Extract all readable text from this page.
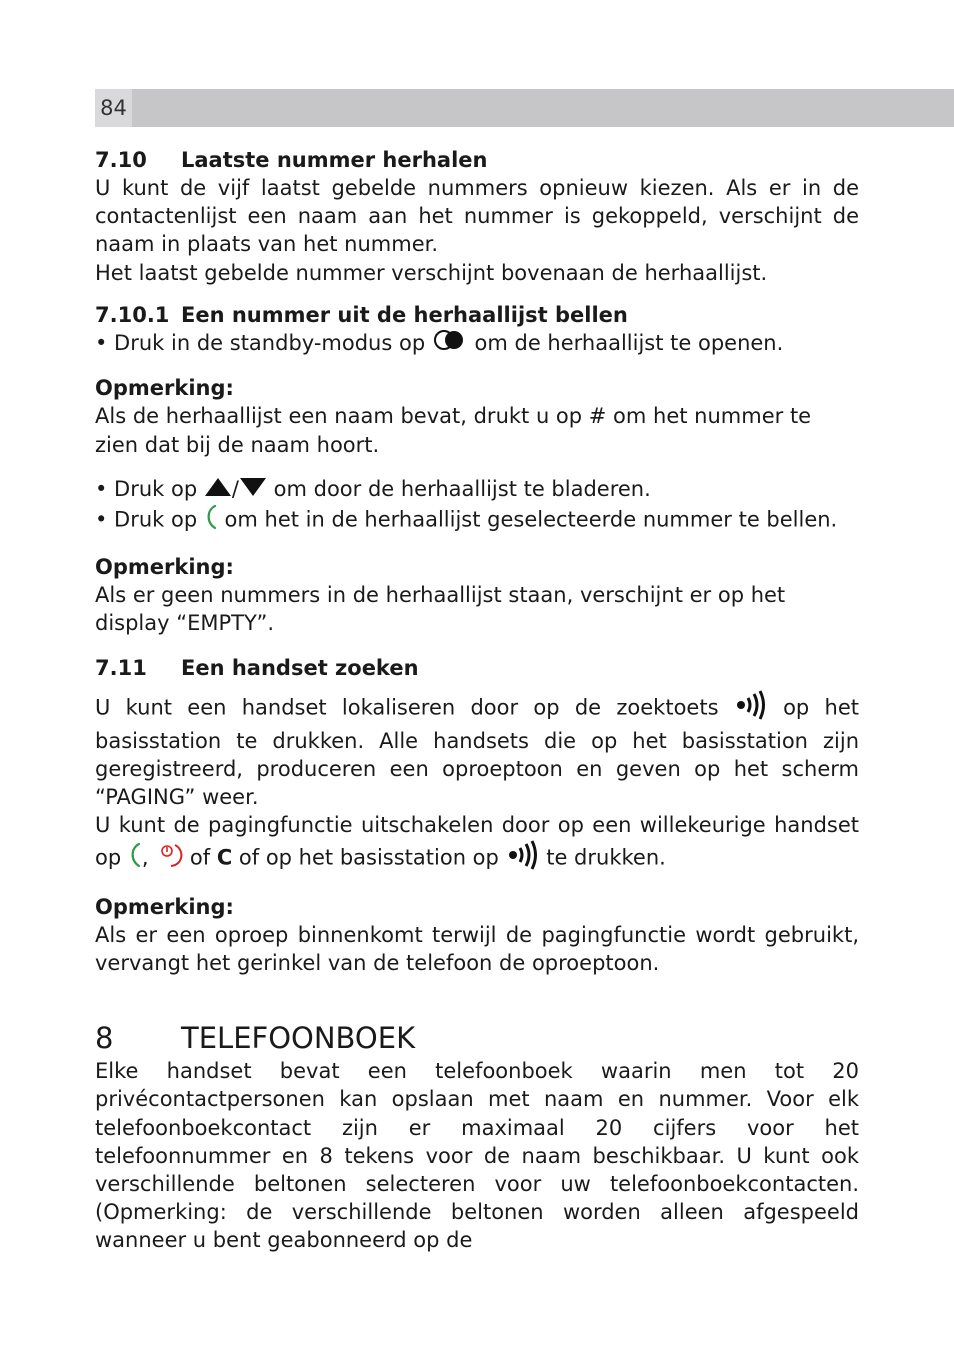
84

7.10 Laatste nummer herhalen

U kunt de vijf laatst gebelde nummers opnieuw kiezen. Als er in de contactenlijst een naam aan het nummer is gekoppeld, verschijnt de naam in plaats van het nummer.

Het laatst gebelde nummer verschijnt bovenaan de herhaallijst.

7.10.1 Een nummer uit de herhaallijst bellen

• Druk in de standby-modus op  om de herhaallijst te openen.

Opmerking:

Als de herhaallijst een naam bevat, drukt u op # om het nummer te zien dat bij de naam hoort.

• Druk op / om door de herhaallijst te bladeren.

• Druk op  om het in de herhaallijst geselecteerde nummer te bellen.

Opmerking:

Als er geen nummers in de herhaallijst staan, verschijnt er op het display “EMPTY”.

7.11 Een handset zoeken

U kunt een handset lokaliseren door op de zoektoets  op het basisstation te drukken. Alle handsets die op het basisstation zijn geregistreerd, produceren een oproeptoon en geven op het scherm “PAGING” weer.

U kunt de pagingfunctie uitschakelen door op een willekeurige handset op ,  of C of op het basisstation op  te drukken.

Opmerking:

Als er een oproep binnenkomt terwijl de pagingfunctie wordt gebruikt, vervangt het gerinkel van de telefoon de oproeptoon.

8 TELEFOONBOEK

Elke handset bevat een telefoonboek waarin men tot 20 privécontactpersonen kan opslaan met naam en nummer. Voor elk telefoonboekcontact zijn er maximaal 20 cijfers voor het telefoonnummer en 8 tekens voor de naam beschikbaar. U kunt ook verschillende beltonen selecteren voor uw telefoonboekcontacten. (Opmerking: de verschillende beltonen worden alleen afgespeeld wanneer u bent geabonneerd op de
